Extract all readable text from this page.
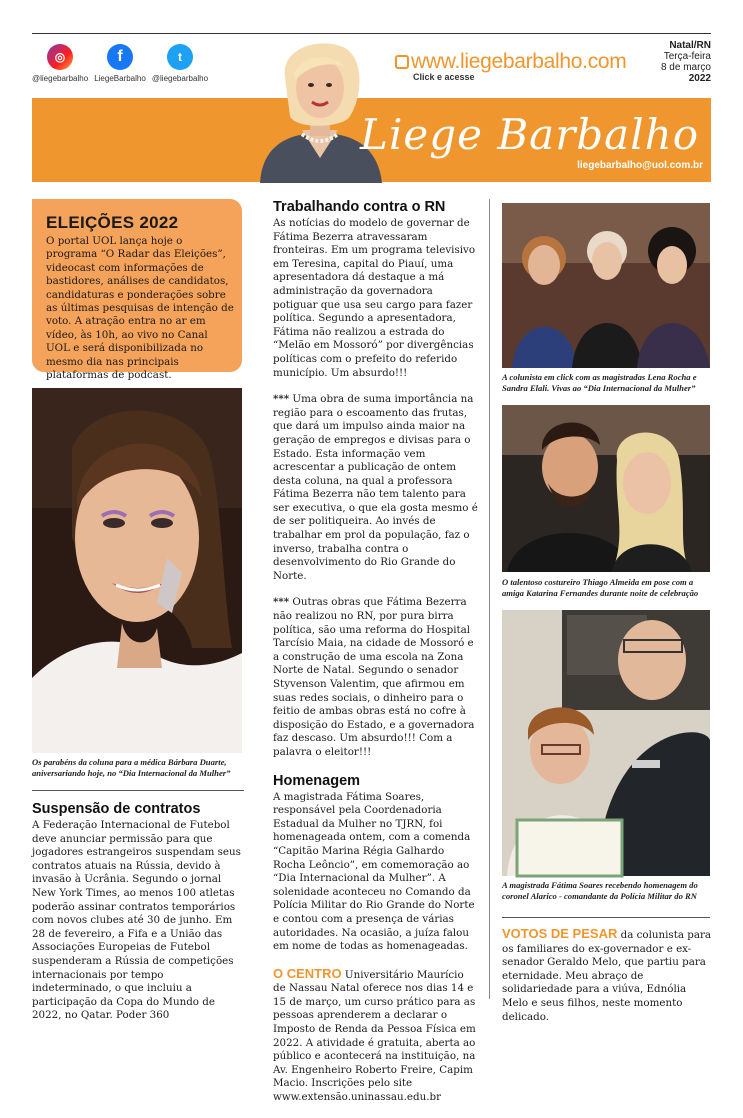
◎
@liegebarbalho
f
LiegeBarbalho
t
@liegebarbalho
www.liegebarbalho.com
Click e acesse
Natal/RN
Terça-feira
8 de março
2022
Liege Barbalho
liegebarbalho@uol.com.br
ELEIÇÕES 2022

O portal UOL lança hoje o programa “O Radar das Eleições”, videocast com informações de bastidores, análises de candidatos, candidaturas e ponderações sobre as últimas pesquisas de intenção de voto. A atração entra no ar em vídeo, às 10h, ao vivo no Canal UOL e será disponibilizada no mesmo dia nas principais plataformas de podcast.

Os parabéns da coluna para a médica Bárbara Duarte, aniversariando hoje, no “Dia Internacional da Mulher”
Suspensão de contratos

A Federação Internacional de Futebol deve anunciar permissão para que jogadores estrangeiros suspendam seus contratos atuais na Rússia, devido à invasão à Ucrânia. Segundo o jornal New York Times, ao menos 100 atletas poderão assinar contratos temporários com novos clubes até 30 de junho. Em 28 de fevereiro, a Fifa e a União das Associações Europeias de Futebol suspenderam a Rússia de competições internacionais por tempo indeterminado, o que incluiu a participação da Copa do Mundo de 2022, no Qatar. Poder 360

Trabalhando contra o RN

As notícias do modelo de governar de Fátima Bezerra atravessaram fronteiras. Em um programa televisivo em Teresina, capital do Piauí, uma apresentadora dá destaque a má administração da governadora potiguar que usa seu cargo para fazer política. Segundo a apresentadora, Fátima não realizou a estrada do “Melão em Mossoró” por divergências políticas com o prefeito do referido município. Um absurdo!!!

*** Uma obra de suma importância na região para o escoamento das frutas, que dará um impulso ainda maior na geração de empregos e divisas para o Estado. Esta informação vem acrescentar a publicação de ontem desta coluna, na qual a professora Fátima Bezerra não tem talento para ser executiva, o que ela gosta mesmo é de ser politiqueira. Ao invés de trabalhar em prol da população, faz o inverso, trabalha contra o desenvolvimento do Rio Grande do Norte.

*** Outras obras que Fátima Bezerra não realizou no RN, por pura birra política, são uma reforma do Hospital Tarcísio Maia, na cidade de Mossoró e a construção de uma escola na Zona Norte de Natal. Segundo o senador Styvenson Valentim, que afirmou em suas redes sociais, o dinheiro para o feitio de ambas obras está no cofre à disposição do Estado, e a governadora faz descaso. Um absurdo!!! Com a palavra o eleitor!!!

Homenagem

A magistrada Fátima Soares, responsável pela Coordenadoria Estadual da Mulher no TJRN, foi homenageada ontem, com a comenda “Capitão Marina Régia Galhardo Rocha Leôncio”, em comemoração ao “Dia Internacional da Mulher”. A solenidade aconteceu no Comando da Polícia Militar do Rio Grande do Norte e contou com a presença de várias autoridades. Na ocasião, a juíza falou em nome de todas as homenageadas.

O CENTRO Universitário Maurício de Nassau Natal oferece nos dias 14 e 15 de março, um curso prático para as pessoas aprenderem a declarar o Imposto de Renda da Pessoa Física em 2022. A atividade é gratuita, aberta ao público e acontecerá na instituição, na Av. Engenheiro Roberto Freire, Capim Macio. Inscrições pelo site www.extensão.uninassau.edu.br

A colunista em click com as magistradas Lena Rocha e Sandra Elali. Vivas ao “Dia Internacional da Mulher”
O talentoso costureiro Thiago Almeida em pose com a amiga Katarina Fernandes durante noite de celebração
A magistrada Fátima Soares recebendo homenagem do coronel Alarico - comandante da Polícia Militar do RN

VOTOS DE PESAR da colunista para os familiares do ex-governador e ex-senador Geraldo Melo, que partiu para eternidade. Meu abraço de solidariedade para a viúva, Ednólia Melo e seus filhos, neste momento delicado.
